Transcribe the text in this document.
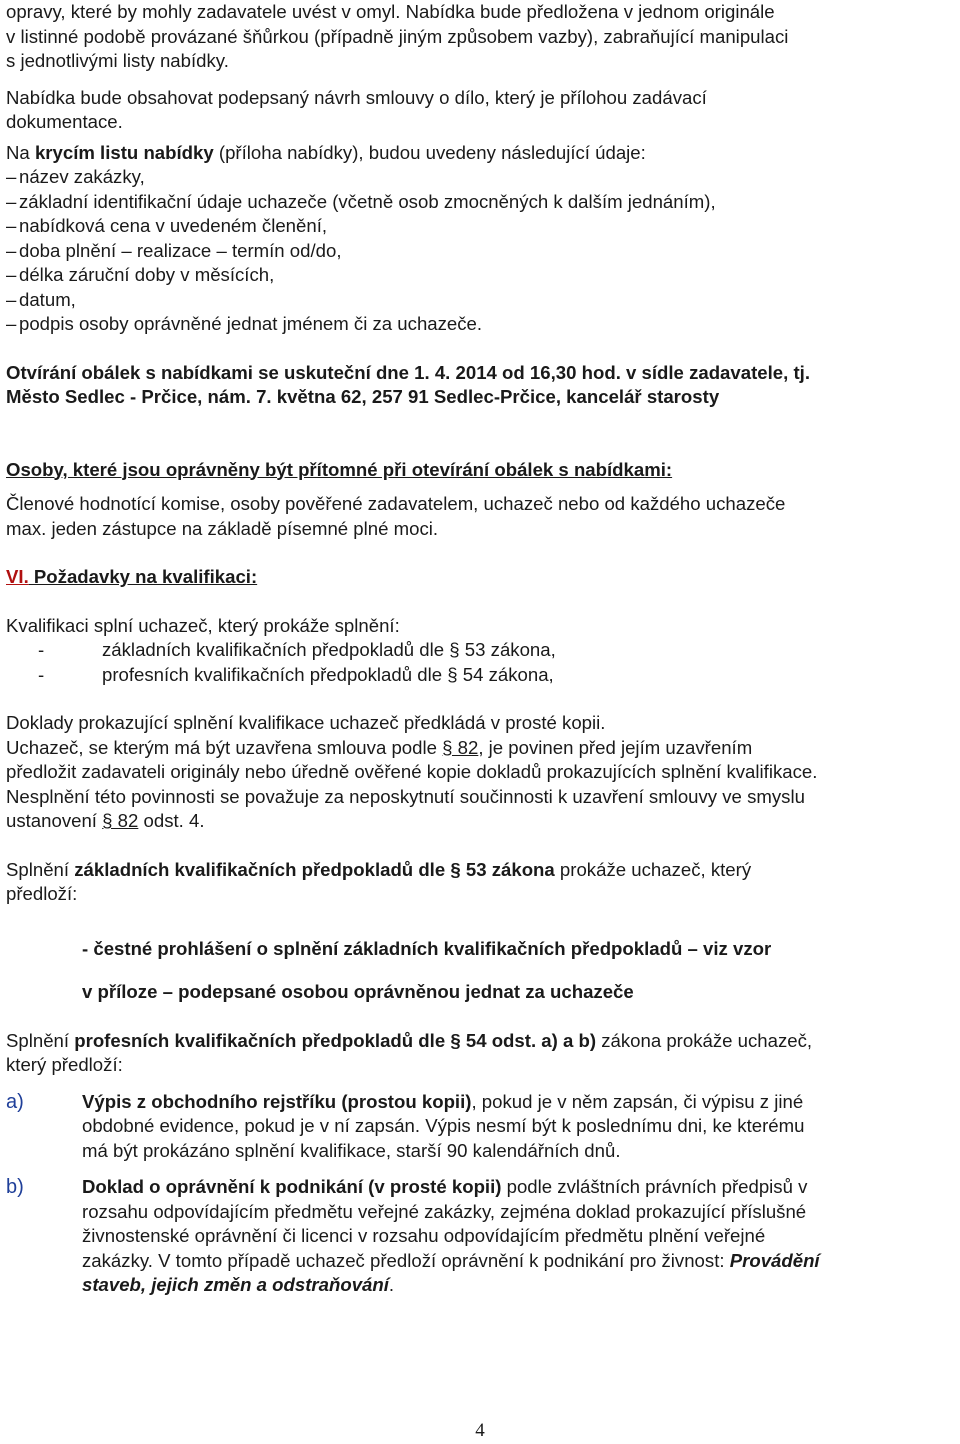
opravy, které by mohly zadavatele uvést v omyl. Nabídka bude předložena v jednom originále

v listinné podobě provázané šňůrkou (případně jiným způsobem vazby), zabraňující manipulaci

s jednotlivými listy nabídky.

Nabídka bude obsahovat podepsaný návrh smlouvy o dílo, který je přílohou zadávací

dokumentace.

Na krycím listu nabídky (příloha nabídky), budou uvedeny následující údaje:

– název zakázky,

– základní identifikační údaje uchazeče (včetně osob zmocněných k dalším jednáním),

– nabídková cena v uvedeném členění,

– doba plnění – realizace – termín od/do,

– délka záruční doby v měsících,

– datum,

– podpis osoby oprávněné jednat jménem či za uchazeče.

Otvírání obálek s nabídkami se uskuteční dne 1. 4. 2014 od 16,30 hod. v sídle zadavatele, tj.

Město Sedlec - Prčice, nám. 7. května 62, 257 91 Sedlec-Prčice, kancelář starosty

Osoby, které jsou oprávněny být přítomné při otevírání obálek s nabídkami:

Členové hodnotící komise, osoby pověřené zadavatelem, uchazeč nebo od každého uchazeče

max. jeden zástupce na základě písemné plné moci.

VI. Požadavky na kvalifikaci:

Kvalifikaci splní uchazeč, který prokáže splnění:

-	základních kvalifikačních předpokladů dle § 53 zákona,
-	profesních kvalifikačních předpokladů dle § 54 zákona,

Doklady prokazující splnění kvalifikace uchazeč předkládá v prosté kopii.

Uchazeč, se kterým má být uzavřena smlouva podle § 82, je povinen před jejím uzavřením

předložit zadavateli originály nebo úředně ověřené kopie dokladů prokazujících splnění kvalifikace.

Nesplnění této povinnosti se považuje za neposkytnutí součinnosti k uzavření smlouvy ve smyslu

ustanovení § 82 odst. 4.

Splnění základních kvalifikačních předpokladů dle § 53 zákona prokáže uchazeč, který

předloží:

- čestné prohlášení o splnění základních kvalifikačních předpokladů – viz vzor

v příloze – podepsané osobou oprávněnou jednat za uchazeče

Splnění profesních kvalifikačních předpokladů dle § 54 odst. a) a b) zákona prokáže uchazeč,

který předloží:

a)	Výpis z obchodního rejstříku (prostou kopii), pokud je v něm zapsán, či výpisu z jiné
obdobné evidence, pokud je v ní zapsán. Výpis nesmí být k poslednímu dni, ke kterému
má být prokázáno splnění kvalifikace, starší 90 kalendářních dnů.
b)	Doklad o oprávnění k podnikání (v prosté kopii) podle zvláštních právních předpisů v
rozsahu odpovídajícím předmětu veřejné zakázky, zejména doklad prokazující příslušné
živnostenské oprávnění či licenci v rozsahu odpovídajícím předmětu plnění veřejné
zakázky. V tomto případě uchazeč předloží oprávnění k podnikání pro živnost: Provádění
staveb, jejich změn a odstraňování.
4
